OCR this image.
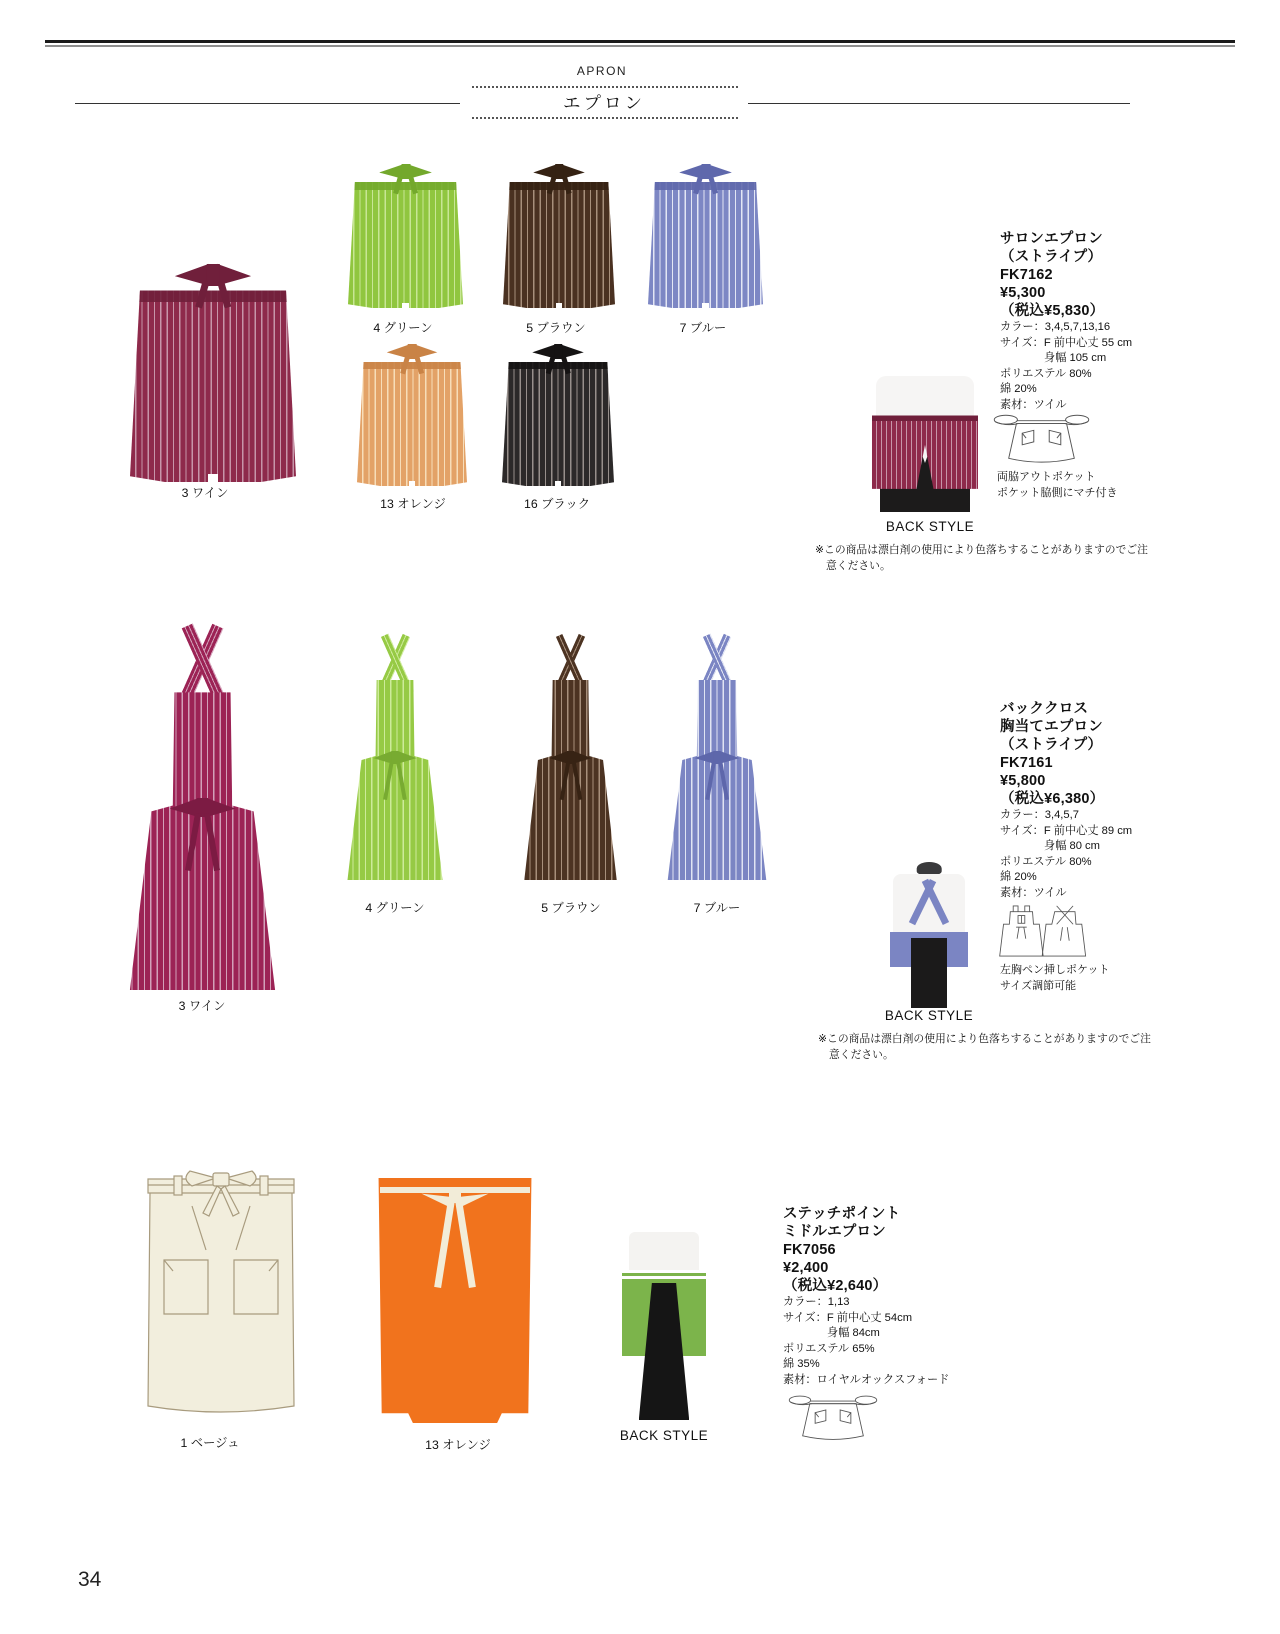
APRON
エプロン
3 ワイン
4 グリーン	5 ブラウン	7 ブルー
13 オレンジ	16 ブラック
BACK STYLE
サロンエプロン
（ストライプ）
FK7162
¥5,300
（税込¥5,830）
カラー：3,4,5,7,13,16
サイズ：F 前中心丈 55 cm
身幅 105 cm
ポリエステル 80%
綿 20%
素材：ツイル
両脇アウトポケット
ポケット脇側にマチ付き
※この商品は漂白剤の使用により色落ちすることがありますのでご注
意ください。
3 ワイン
4 グリーン	5 ブラウン	7 ブルー
BACK STYLE
バッククロス
胸当てエプロン
（ストライプ）
FK7161
¥5,800
（税込¥6,380）
カラー：3,4,5,7
サイズ：F 前中心丈 89 cm
身幅 80 cm
ポリエステル 80%
綿 20%
素材：ツイル
左胸ペン挿しポケット
サイズ調節可能
※この商品は漂白剤の使用により色落ちすることがありますのでご注
意ください。
1 ベージュ	13 オレンジ
BACK STYLE
ステッチポイント
ミドルエプロン
FK7056
¥2,400
（税込¥2,640）
カラー：1,13
サイズ：F 前中心丈 54cm
身幅 84cm
ポリエステル 65%
綿 35%
素材：ロイヤルオックスフォード
34
